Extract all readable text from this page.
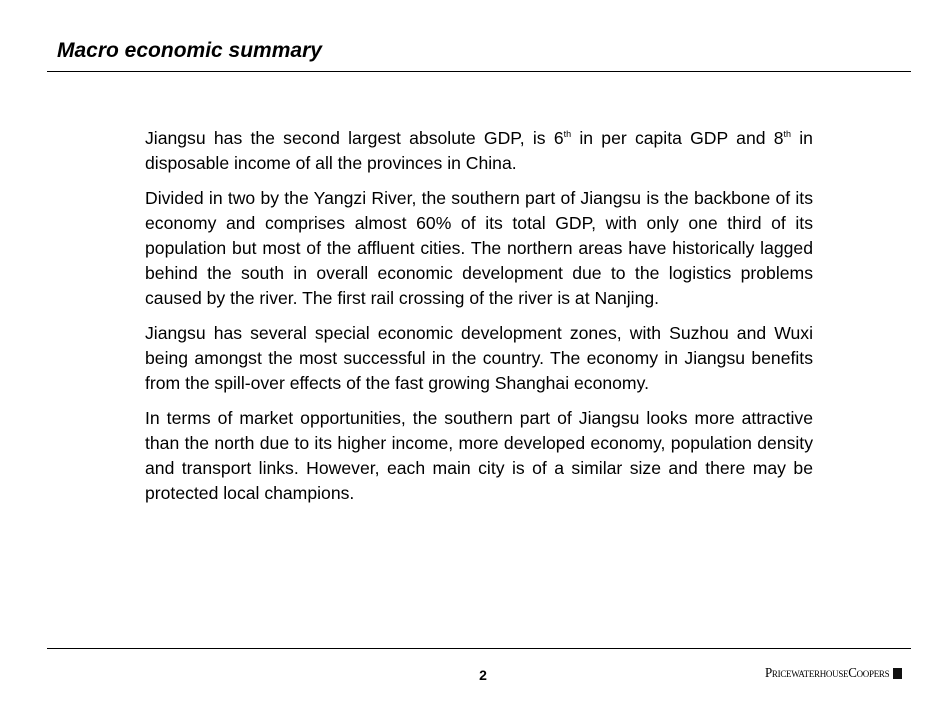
Macro economic summary

Jiangsu has the second largest absolute GDP, is 6th in per capita GDP and 8th in disposable income of all the provinces in China.

Divided in two by the Yangzi River, the southern part of Jiangsu is the backbone of its economy and comprises almost 60% of its total GDP, with only one third of its population but most of the affluent cities. The northern areas have historically lagged behind the south in overall economic development due to the logistics problems caused by the river. The first rail crossing of the river is at Nanjing.

Jiangsu has several special economic development zones, with Suzhou and Wuxi being amongst the most successful in the country. The economy in Jiangsu benefits from the spill-over effects of the fast growing Shanghai economy.

In terms of market opportunities, the southern part of Jiangsu looks more attractive than the north due to its higher income, more developed economy, population density and transport links. However, each main city is of a similar size and there may be protected local champions.

2	PricewaterhouseCoopers
